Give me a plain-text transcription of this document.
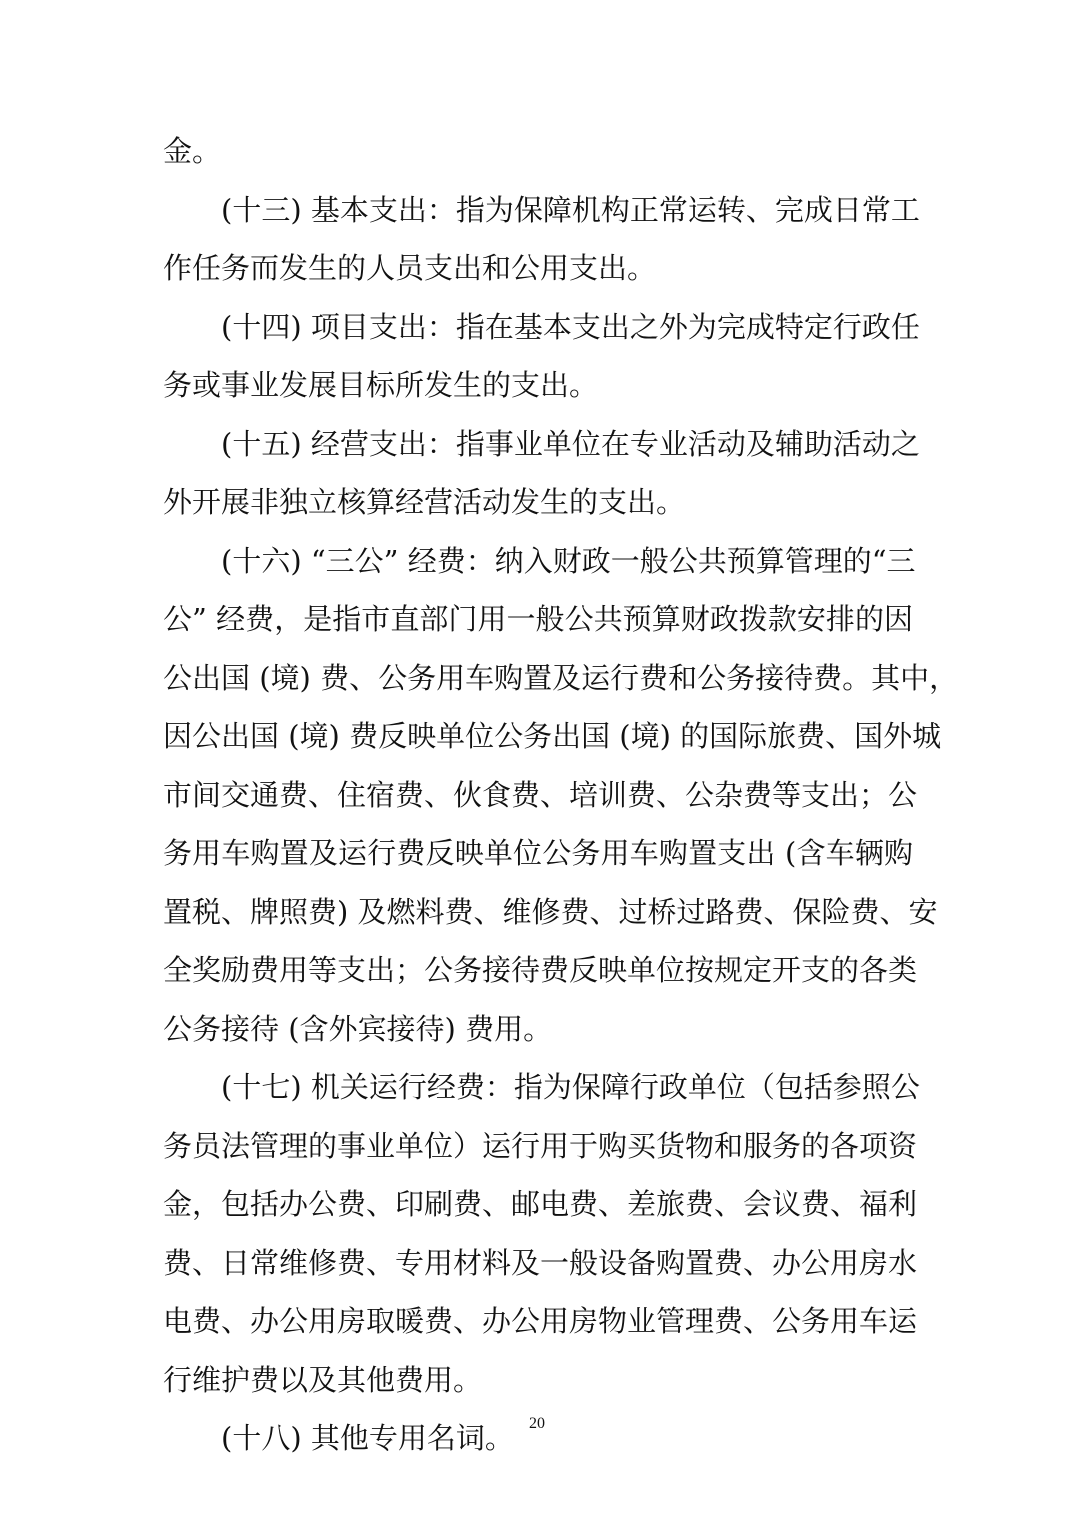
金。
(十三) 基本支出：指为保障机构正常运转、完成日常工
作任务而发生的人员支出和公用支出。
(十四) 项目支出：指在基本支出之外为完成特定行政任
务或事业发展目标所发生的支出。
(十五) 经营支出：指事业单位在专业活动及辅助活动之
外开展非独立核算经营活动发生的支出。
(十六) “三公” 经费：纳入财政一般公共预算管理的“三
公” 经费，是指市直部门用一般公共预算财政拨款安排的因
公出国 (境) 费、公务用车购置及运行费和公务接待费。其中，
因公出国 (境) 费反映单位公务出国 (境) 的国际旅费、国外城
市间交通费、住宿费、伙食费、培训费、公杂费等支出；公
务用车购置及运行费反映单位公务用车购置支出 (含车辆购
置税、牌照费) 及燃料费、维修费、过桥过路费、保险费、安
全奖励费用等支出；公务接待费反映单位按规定开支的各类
公务接待 (含外宾接待) 费用。
(十七) 机关运行经费：指为保障行政单位（包括参照公
务员法管理的事业单位）运行用于购买货物和服务的各项资
金，包括办公费、印刷费、邮电费、差旅费、会议费、福利
费、日常维修费、专用材料及一般设备购置费、办公用房水
电费、办公用房取暖费、办公用房物业管理费、公务用车运
行维护费以及其他费用。
(十八) 其他专用名词。 20
